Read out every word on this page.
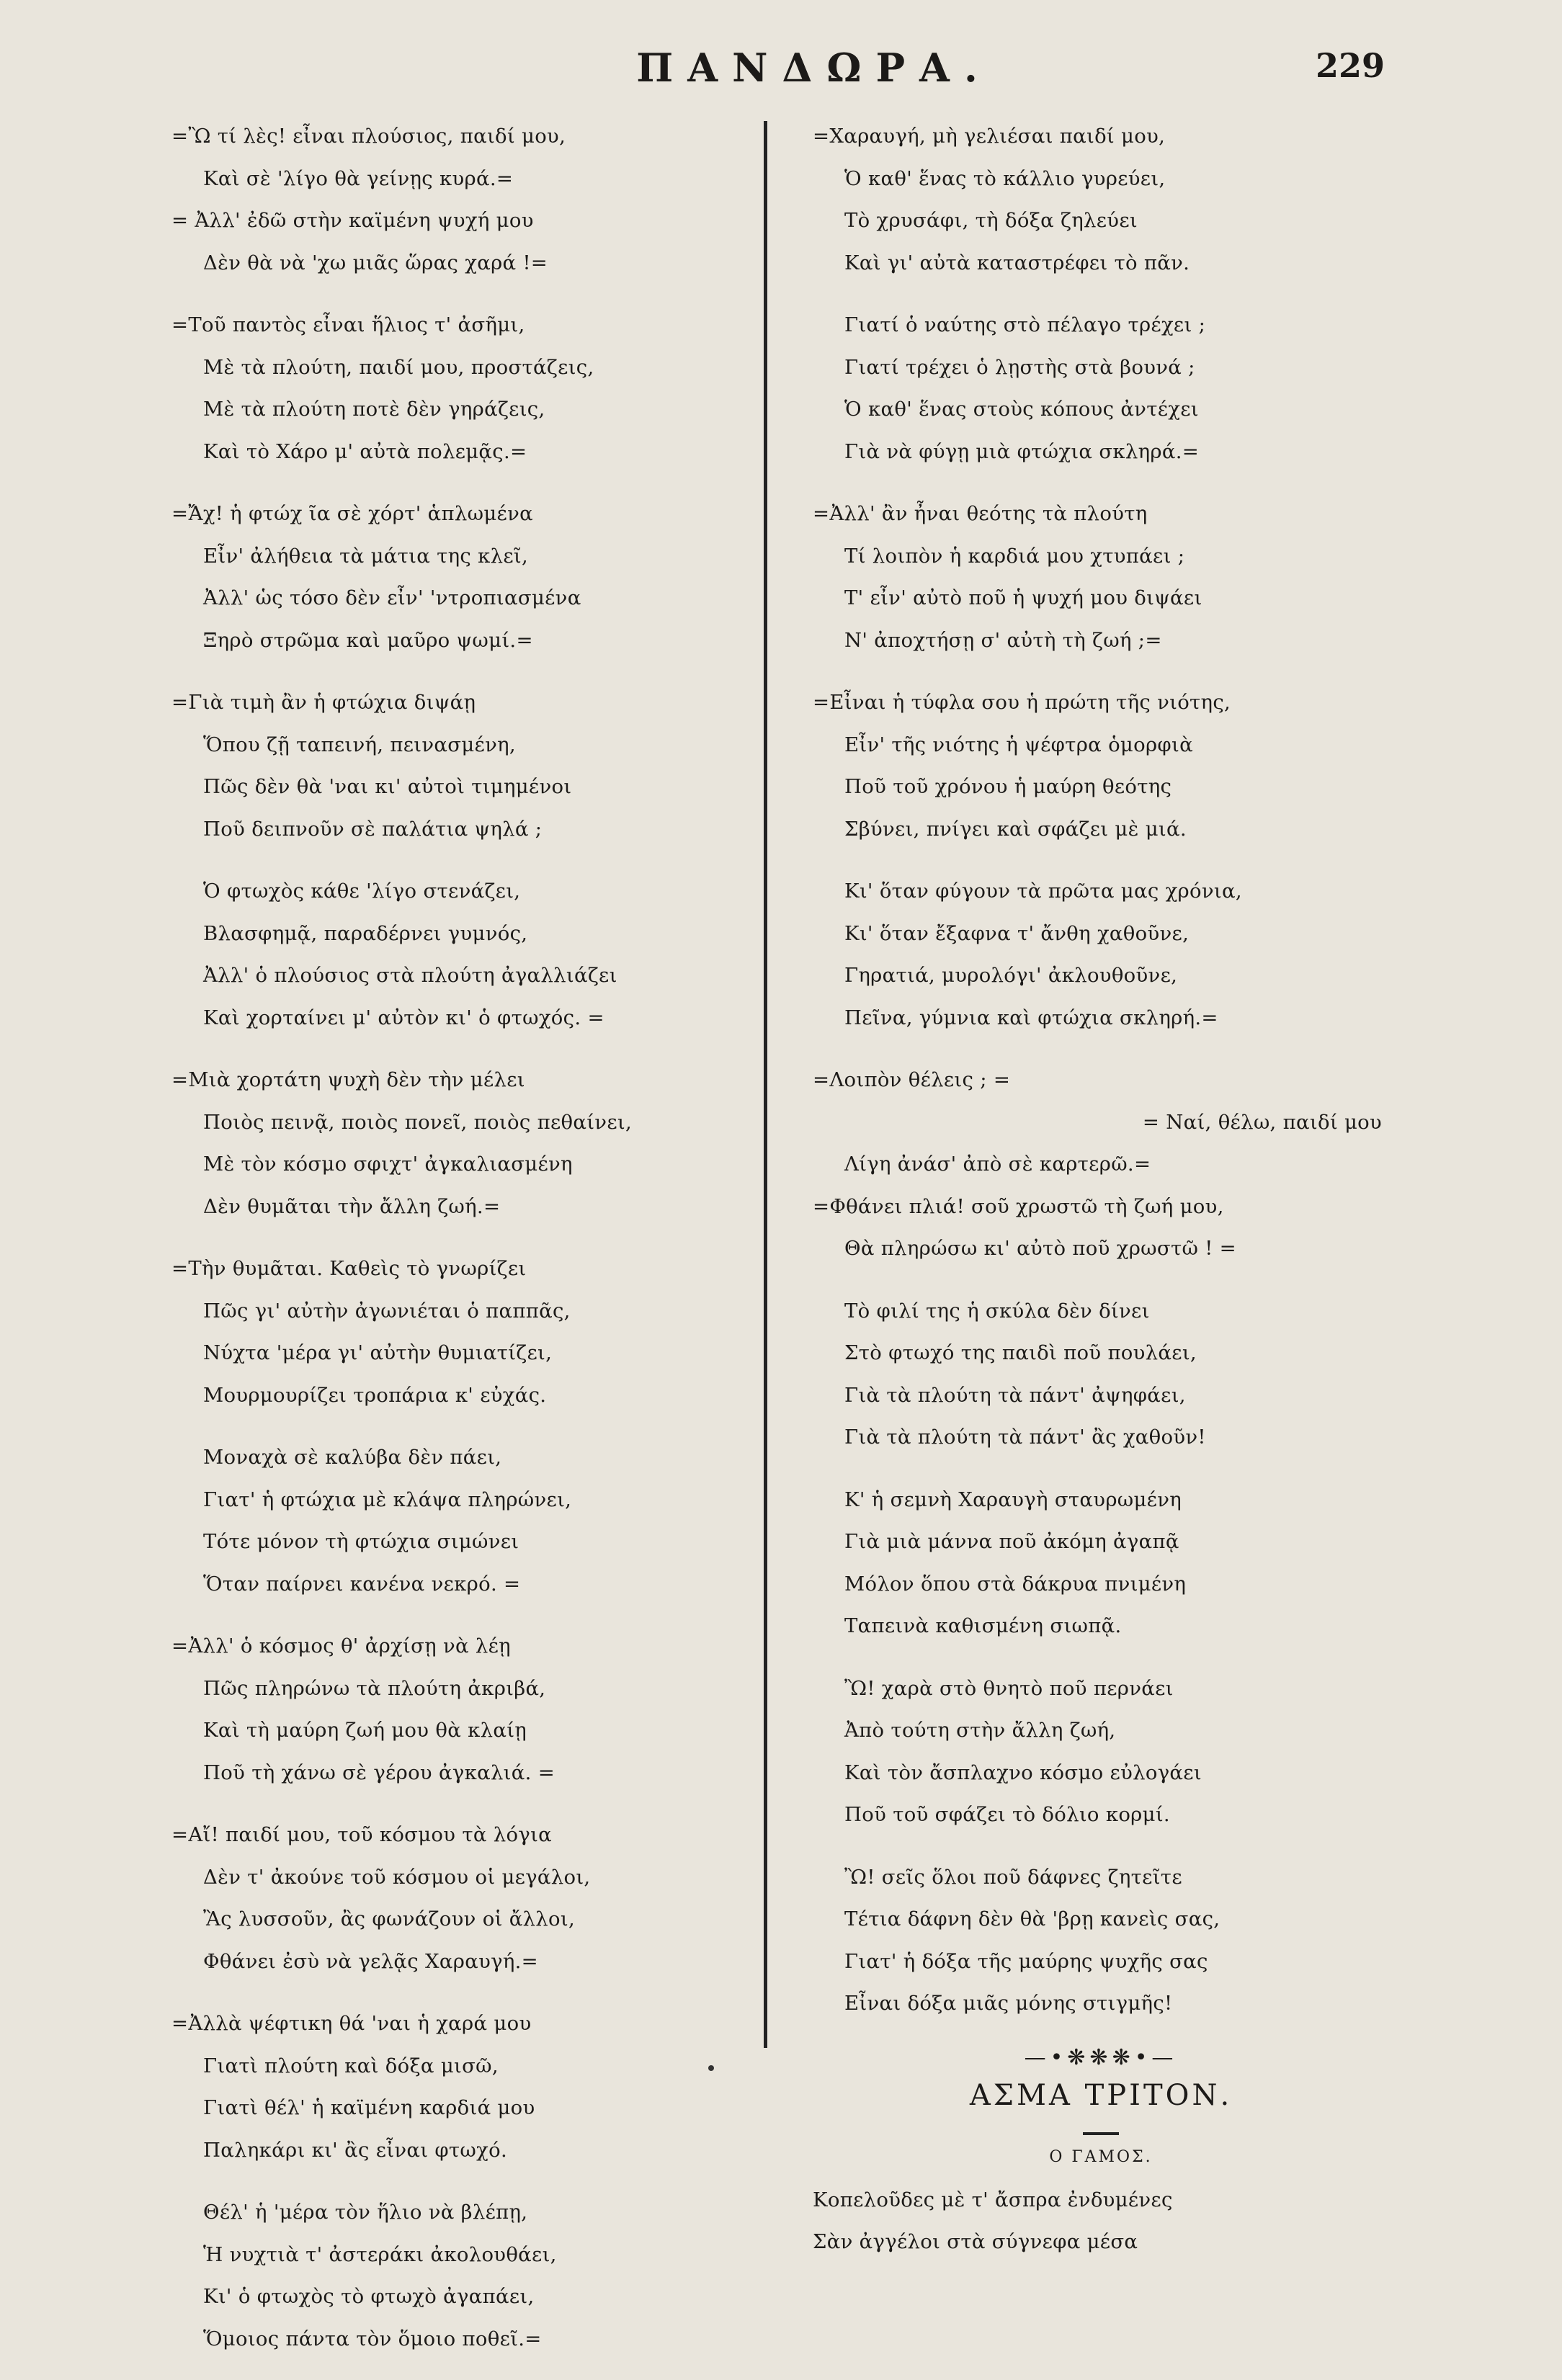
ΠΑΝΔΩΡΑ.	229
=Ὢ τί λὲς! εἶναι πλούσιος, παιδί μου,
Καὶ σὲ 'λίγο θὰ γείνῃς κυρά.=
= Ἀλλ' ἐδῶ στὴν καϊμένη ψυχή μου
Δὲν θὰ νὰ 'χω μιᾶς ὥρας χαρά !=
=Τοῦ παντὸς εἶναι ἥλιος τ' ἀσῆμι,
Μὲ τὰ πλούτη, παιδί μου, προστάζεις,
Μὲ τὰ πλούτη ποτὲ δὲν γηράζεις,
Καὶ τὸ Χάρο μ' αὐτὰ πολεμᾷς.=
=Ἄχ! ἡ φτώχ ῖα σὲ χόρτ' ἁπλωμένα
Εἶν' ἀλήθεια τὰ μάτια της κλεῖ,
Ἀλλ' ὡς τόσο δὲν εἶν' 'ντροπιασμένα
Ξηρὸ στρῶμα καὶ μαῦρο ψωμί.=
=Γιὰ τιμὴ ἂν ἡ φτώχια διψάῃ
Ὅπου ζῇ ταπεινή, πεινασμένη,
Πῶς δὲν θὰ 'ναι κι' αὐτοὶ τιμημένοι
Ποῦ δειπνοῦν σὲ παλάτια ψηλά ;
Ὁ φτωχὸς κάθε 'λίγο στενάζει,
Βλασφημᾷ, παραδέρνει γυμνός,
Ἀλλ' ὁ πλούσιος στὰ πλούτη ἀγαλλιάζει
Καὶ χορταίνει μ' αὐτὸν κι' ὁ φτωχός. =
=Μιὰ χορτάτη ψυχὴ δὲν τὴν μέλει
Ποιὸς πεινᾷ, ποιὸς πονεῖ, ποιὸς πεθαίνει,
Μὲ τὸν κόσμο σφιχτ' ἀγκαλιασμένη
Δὲν θυμᾶται τὴν ἄλλη ζωή.=
=Τὴν θυμᾶται. Καθεὶς τὸ γνωρίζει
Πῶς γι' αὐτὴν ἀγωνιέται ὁ παππᾶς,
Νύχτα 'μέρα γι' αὐτὴν θυμιατίζει,
Μουρμουρίζει τροπάρια κ' εὐχάς.
Μοναχὰ σὲ καλύβα δὲν πάει,
Γιατ' ἡ φτώχια μὲ κλάψα πληρώνει,
Τότε μόνον τὴ φτώχια σιμώνει
Ὅταν παίρνει κανένα νεκρό. =
=Ἀλλ' ὁ κόσμος θ' ἀρχίσῃ νὰ λέῃ
Πῶς πληρώνω τὰ πλούτη ἀκριβά,
Καὶ τὴ μαύρη ζωή μου θὰ κλαίῃ
Ποῦ τὴ χάνω σὲ γέρου ἀγκαλιά. =
=Αἴ! παιδί μου, τοῦ κόσμου τὰ λόγια
Δὲν τ' ἀκούνε τοῦ κόσμου οἱ μεγάλοι,
Ἂς λυσσοῦν, ἂς φωνάζουν οἱ ἄλλοι,
Φθάνει ἐσὺ νὰ γελᾷς Χαραυγή.=
=Ἀλλὰ ψέφτικη θά 'ναι ἡ χαρά μου
Γιατὶ πλούτη καὶ δόξα μισῶ,
Γιατὶ θέλ' ἡ καϊμένη καρδιά μου
Παληκάρι κι' ἂς εἶναι φτωχό.
Θέλ' ἡ 'μέρα τὸν ἥλιο νὰ βλέπῃ,
Ἡ νυχτιὰ τ' ἀστεράκι ἀκολουθάει,
Κι' ὁ φτωχὸς τὸ φτωχὸ ἀγαπάει,
Ὅμοιος πάντα τὸν ὅμοιο ποθεῖ.=
=Χαραυγή, μὴ γελιέσαι παιδί μου,
Ὁ καθ' ἕνας τὸ κάλλιο γυρεύει,
Τὸ χρυσάφι, τὴ δόξα ζηλεύει
Καὶ γι' αὐτὰ καταστρέφει τὸ πᾶν.
Γιατί ὁ ναύτης στὸ πέλαγο τρέχει ;
Γιατί τρέχει ὁ λῃστὴς στὰ βουνά ;
Ὁ καθ' ἕνας στοὺς κόπους ἀντέχει
Γιὰ νὰ φύγῃ μιὰ φτώχια σκληρά.=
=Ἀλλ' ἂν ἦναι θεότης τὰ πλούτη
Τί λοιπὸν ἡ καρδιά μου χτυπάει ;
Τ' εἶν' αὐτὸ ποῦ ἡ ψυχή μου διψάει
Ν' ἀποχτήσῃ σ' αὐτὴ τὴ ζωή ;=
=Εἶναι ἡ τύφλα σου ἡ πρώτη τῆς νιότης,
Εἶν' τῆς νιότης ἡ ψέφτρα ὁμορφιὰ
Ποῦ τοῦ χρόνου ἡ μαύρη θεότης
Σβύνει, πνίγει καὶ σφάζει μὲ μιά.
Κι' ὅταν φύγουν τὰ πρῶτα μας χρόνια,
Κι' ὅταν ἔξαφνα τ' ἄνθη χαθοῦνε,
Γηρατιά, μυρολόγι' ἀκλουθοῦνε,
Πεῖνα, γύμνια καὶ φτώχια σκληρή.=
=Λοιπὸν θέλεις ; =
= Ναί, θέλω, παιδί μου
Λίγη ἀνάσ' ἀπὸ σὲ καρτερῶ.=
=Φθάνει πλιά! σοῦ χρωστῶ τὴ ζωή μου,
Θὰ πληρώσω κι' αὐτὸ ποῦ χρωστῶ ! =
Τὸ φιλί της ἡ σκύλα δὲν δίνει
Στὸ φτωχό της παιδὶ ποῦ πουλάει,
Γιὰ τὰ πλούτη τὰ πάντ' ἀψηφάει,
Γιὰ τὰ πλούτη τὰ πάντ' ἂς χαθοῦν!
Κ' ἡ σεμνὴ Χαραυγὴ σταυρωμένη
Γιὰ μιὰ μάννα ποῦ ἀκόμη ἀγαπᾷ
Μόλον ὅπου στὰ δάκρυα πνιμένη
Ταπεινὰ καθισμένη σιωπᾷ.
Ὢ! χαρὰ στὸ θνητὸ ποῦ περνάει
Ἀπὸ τούτη στὴν ἄλλη ζωή,
Καὶ τὸν ἄσπλαχνο κόσμο εὐλογάει
Ποῦ τοῦ σφάζει τὸ δόλιο κορμί.
Ὢ! σεῖς ὅλοι ποῦ δάφνες ζητεῖτε
Τέτια δάφνη δὲν θὰ 'βρῃ κανεὶς σας,
Γιατ' ἡ δόξα τῆς μαύρης ψυχῆς σας
Εἶναι δόξα μιᾶς μόνης στιγμῆς!
—•❋❋❋•—
ΑΣΜΑ ΤΡΙΤΟΝ.
Ο ΓΑΜΟΣ.
Κοπελοῦδες μὲ τ' ἄσπρα ἐνδυμένες
Σὰν ἀγγέλοι στὰ σύγνεφα μέσα
